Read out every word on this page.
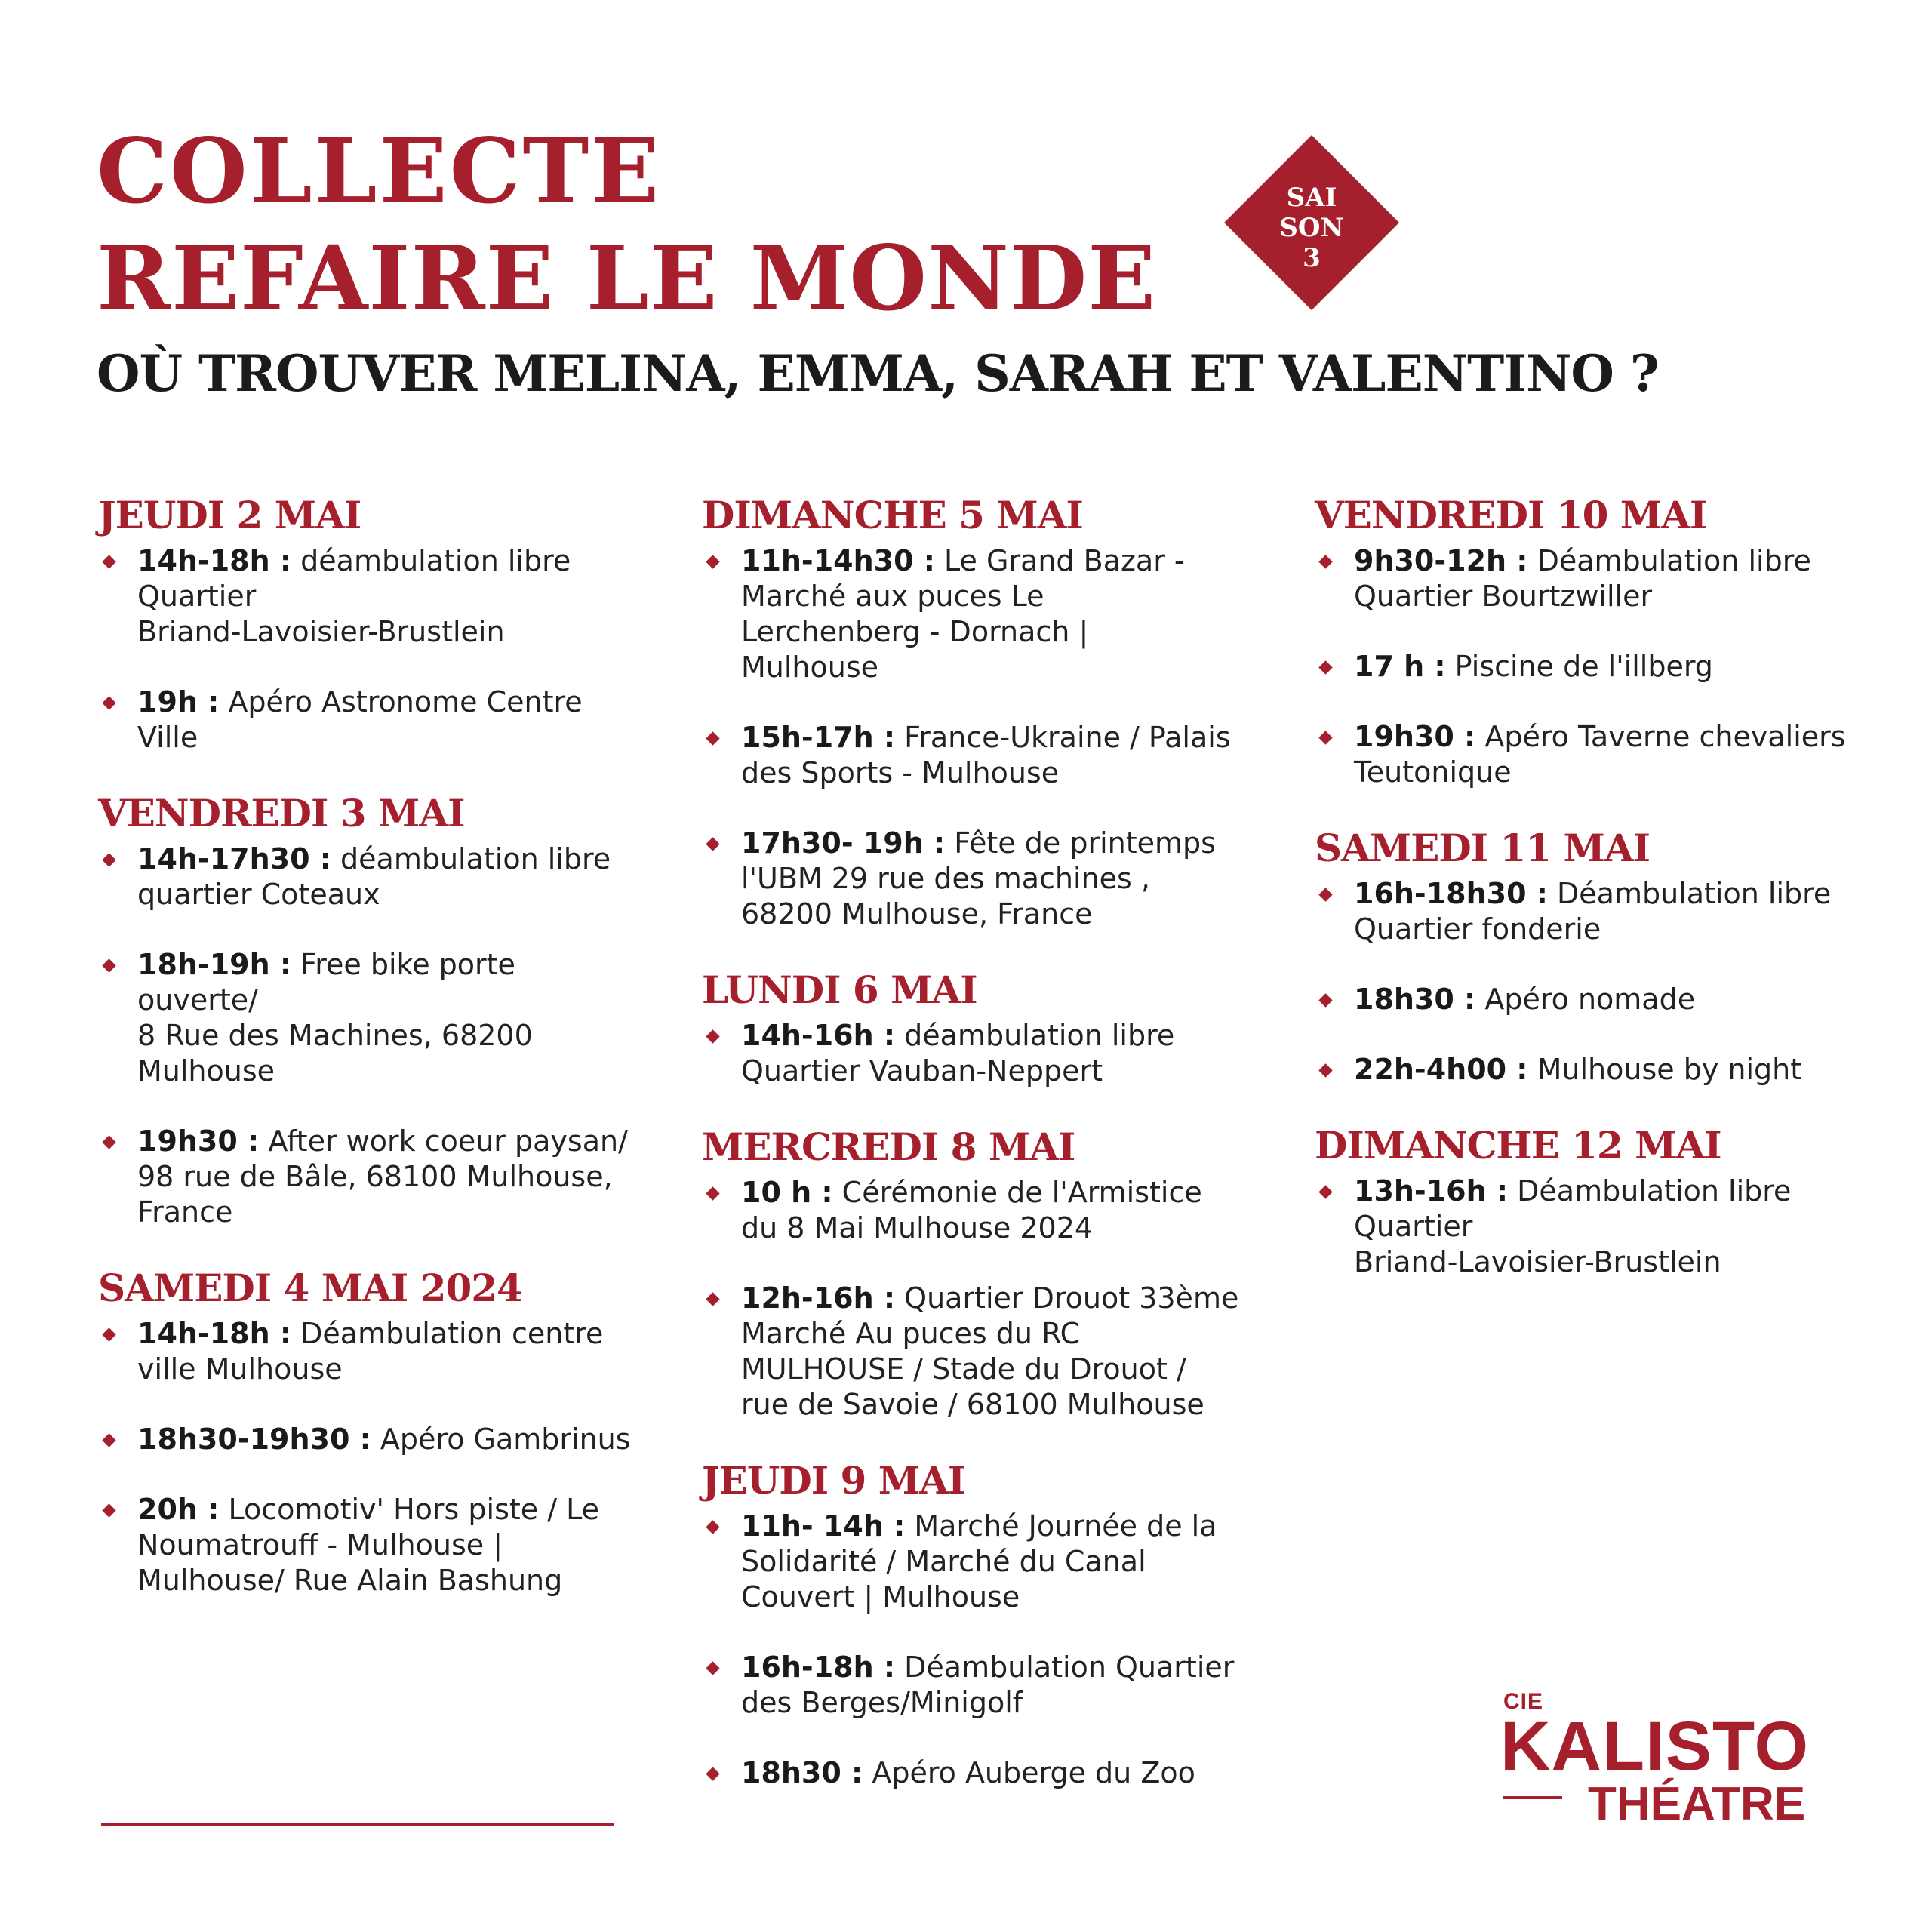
COLLECTE
REFAIRE LE MONDE
OÙ TROUVER MELINA, EMMA, SARAH ET VALENTINO ?
SAI
SON
3
JEUDI 2 MAI
14h-18h : déambulation libre
Quartier
Briand-Lavoisier-Brustlein
19h : Apéro Astronome Centre
Ville
VENDREDI 3 MAI
14h-17h30 : déambulation libre
quartier Coteaux
18h-19h : Free bike porte ouverte/
8 Rue des Machines, 68200
Mulhouse
19h30 : After work coeur paysan/
98 rue de Bâle, 68100 Mulhouse,
France
SAMEDI 4 MAI 2024
14h-18h : Déambulation centre
ville Mulhouse
18h30-19h30 : Apéro Gambrinus
20h : Locomotiv' Hors piste / Le
Noumatrouff - Mulhouse |
Mulhouse/ Rue Alain Bashung
DIMANCHE 5 MAI
11h-14h30 : Le Grand Bazar -
Marché aux puces Le
Lerchenberg - Dornach |
Mulhouse
15h-17h : France-Ukraine / Palais
des Sports - Mulhouse
17h30- 19h : Fête de printemps
l'UBM 29 rue des machines ,
68200 Mulhouse, France
LUNDI 6 MAI
14h-16h : déambulation libre
Quartier Vauban-Neppert
MERCREDI 8 MAI
10 h : Cérémonie de l'Armistice
du 8 Mai Mulhouse 2024
12h-16h : Quartier Drouot 33ème
Marché Au puces du RC
MULHOUSE / Stade du Drouot /
rue de Savoie / 68100 Mulhouse
JEUDI 9 MAI
11h- 14h : Marché Journée de la
Solidarité / Marché du Canal
Couvert | Mulhouse
16h-18h : Déambulation Quartier
des Berges/Minigolf
18h30 : Apéro Auberge du Zoo
VENDREDI 10 MAI
9h30-12h : Déambulation libre
Quartier Bourtzwiller
17 h : Piscine de l'illberg
19h30 : Apéro Taverne chevaliers
Teutonique
SAMEDI 11 MAI
16h-18h30 : Déambulation libre
Quartier fonderie
18h30 : Apéro nomade
22h-4h00 : Mulhouse by night
DIMANCHE 12 MAI
13h-16h : Déambulation libre
Quartier
Briand-Lavoisier-Brustlein
CIE
KALISTO
THÉATRE
